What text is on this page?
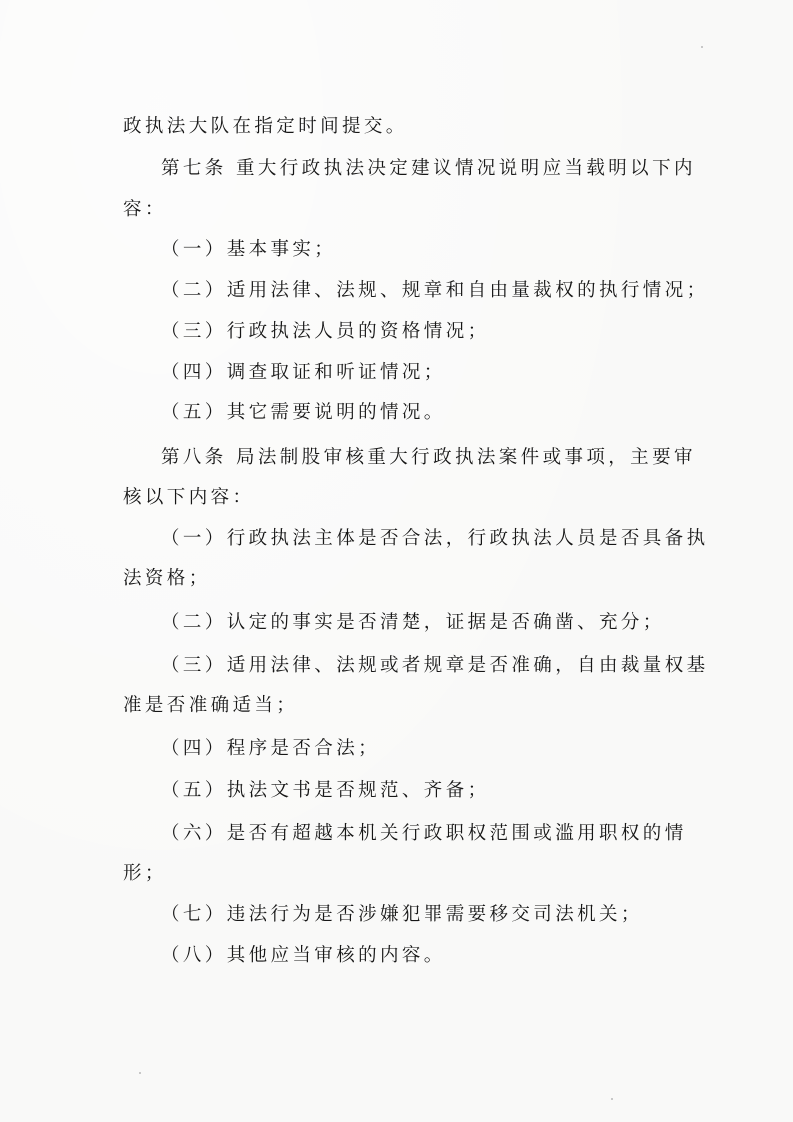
政执法大队在指定时间提交。
第七条 重大行政执法决定建议情况说明应当载明以下内
容：
（一）基本事实；
（二）适用法律、法规、规章和自由量裁权的执行情况；
（三）行政执法人员的资格情况；
（四）调查取证和听证情况；
（五）其它需要说明的情况。
第八条 局法制股审核重大行政执法案件或事项，主要审
核以下内容：
（一）行政执法主体是否合法，行政执法人员是否具备执
法资格；
（二）认定的事实是否清楚，证据是否确凿、充分；
（三）适用法律、法规或者规章是否准确，自由裁量权基
准是否准确适当；
（四）程序是否合法；
（五）执法文书是否规范、齐备；
（六）是否有超越本机关行政职权范围或滥用职权的情
形；
（七）违法行为是否涉嫌犯罪需要移交司法机关；
（八）其他应当审核的内容。
